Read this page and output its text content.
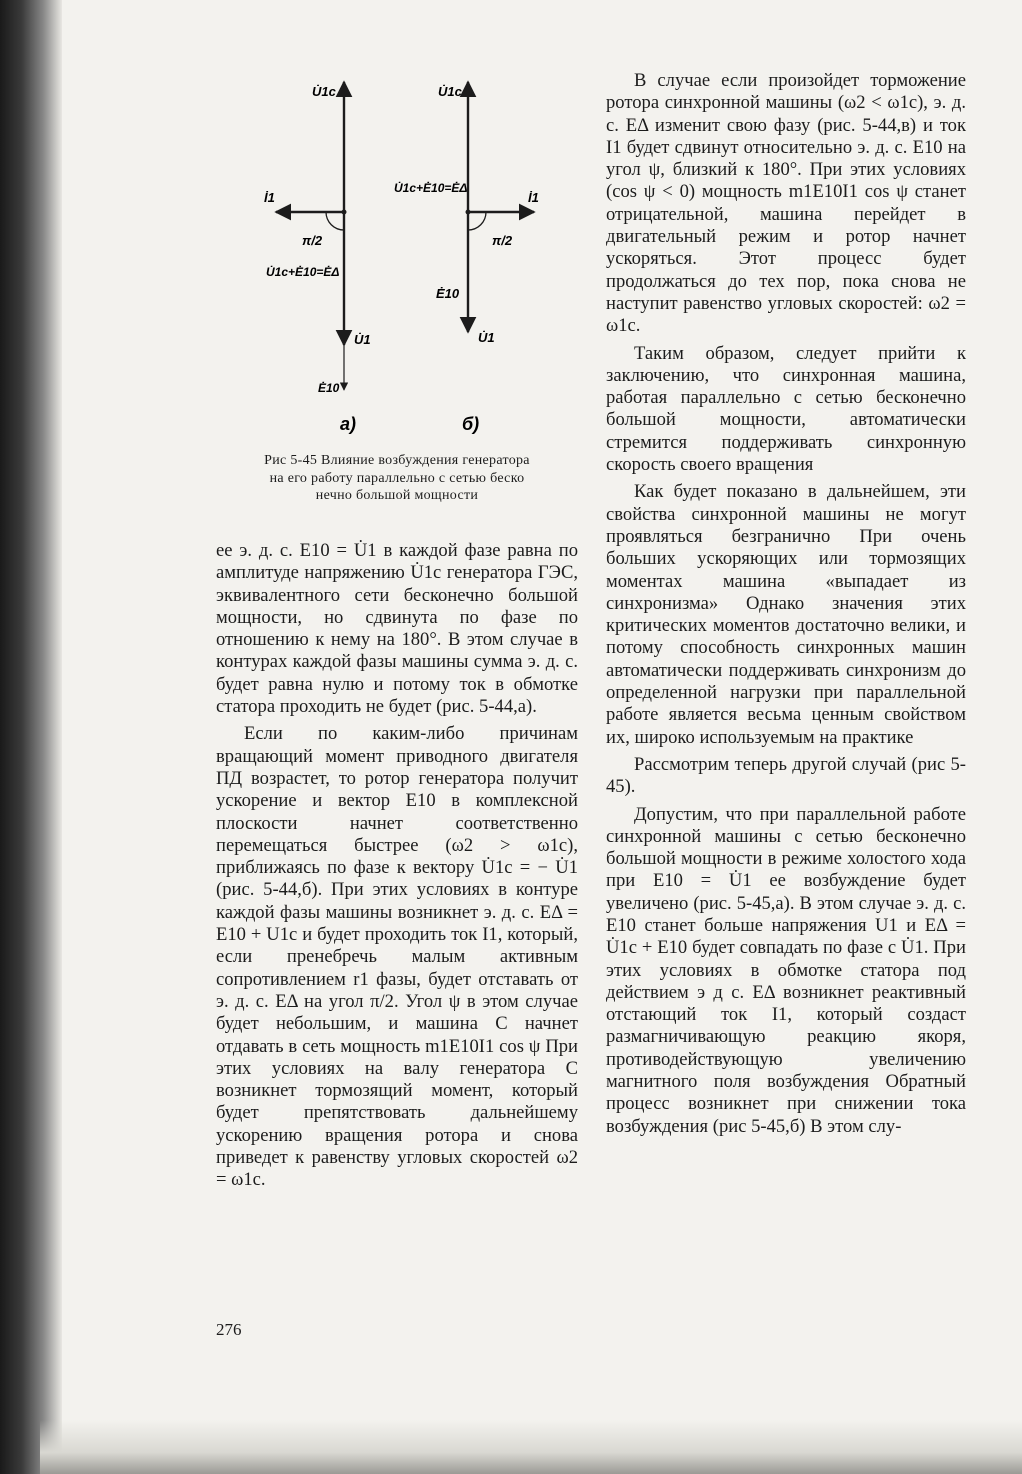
U̇1c
İ1
π/2
U̇1c+Ė10=ĖΔ
U̇1
Ė10
а)
U̇1c
U̇1c+Ė10=ĖΔ
İ1
π/2
Ė10
U̇1
б)
Рис 5-45 Влияние возбуждения генератора
на его работу параллельно с сетью беско
нечно большой мощности

ее э. д. с. E10 = U̇1 в каждой фазе равна по амплитуде напряжению U̇1c генератора ГЭС, эквивалентного сети бесконечно большой мощности, но сдвинута по фазе по отношению к нему на 180°. В этом случае в контурах каждой фазы машины сумма э. д. с. будет равна нулю и потому ток в обмотке статора проходить не будет (рис. 5-44,а).

Если по каким-либо причинам вращающий момент приводного двигателя ПД возрастет, то ротор генератора получит ускорение и вектор E10 в комплексной плоскости начнет соответственно перемещаться быстрее (ω2 > ω1c), приближаясь по фазе к вектору U̇1c = − U̇1 (рис. 5-44,б). При этих условиях в контуре каждой фазы машины возникнет э. д. с. EΔ = E10 + U1c и будет проходить ток I1, который, если пренебречь малым активным сопротивлением r1 фазы, будет отставать от э. д. с. EΔ на угол π/2. Угол ψ в этом случае будет небольшим, и машина C начнет отдавать в сеть мощность m1E10I1 cos ψ При этих условиях на валу генератора C возникнет тормозящий момент, который будет препятствовать дальнейшему ускорению вращения ротора и снова приведет к равенству угловых скоростей ω2 = ω1c.

276

В случае если произойдет торможение ротора синхронной машины (ω2 < ω1c), э. д. с. EΔ изменит свою фазу (рис. 5-44,в) и ток I1 будет сдвинут относительно э. д. с. E10 на угол ψ, близкий к 180°. При этих условиях (cos ψ < 0) мощность m1E10I1 cos ψ станет отрицательной, машина перейдет в двигательный режим и ротор начнет ускоряться. Этот процесс будет продолжаться до тех пор, пока снова не наступит равенство угловых скоростей: ω2 = ω1c.

Таким образом, следует прийти к заключению, что синхронная машина, работая параллельно с сетью бесконечно большой мощности, автоматически стремится поддерживать синхронную скорость своего вращения

Как будет показано в дальнейшем, эти свойства синхронной машины не могут проявляться безгранично При очень больших ускоряющих или тормозящих моментах машина «выпадает из синхронизма» Однако значения этих критических моментов достаточно велики, и потому способность синхронных машин автоматически поддерживать синхронизм до определенной нагрузки при параллельной работе является весьма ценным свойством их, широко используемым на практике

Рассмотрим теперь другой случай (рис 5-45).

Допустим, что при параллельной работе синхронной машины с сетью бесконечно большой мощности в режиме холостого хода при E10 = U̇1 ее возбуждение будет увеличено (рис. 5-45,а). В этом случае э. д. с. E10 станет больше напряжения U1 и EΔ = U̇1c + E10 будет совпадать по фазе с U̇1. При этих условиях в обмотке статора под действием э д с. EΔ возникнет реактивный отстающий ток I1, который создаст размагничивающую реакцию якоря, противодействующую увеличению магнитного поля возбуждения Обратный процесс возникнет при снижении тока возбуждения (рис 5-45,б) В этом слу-
